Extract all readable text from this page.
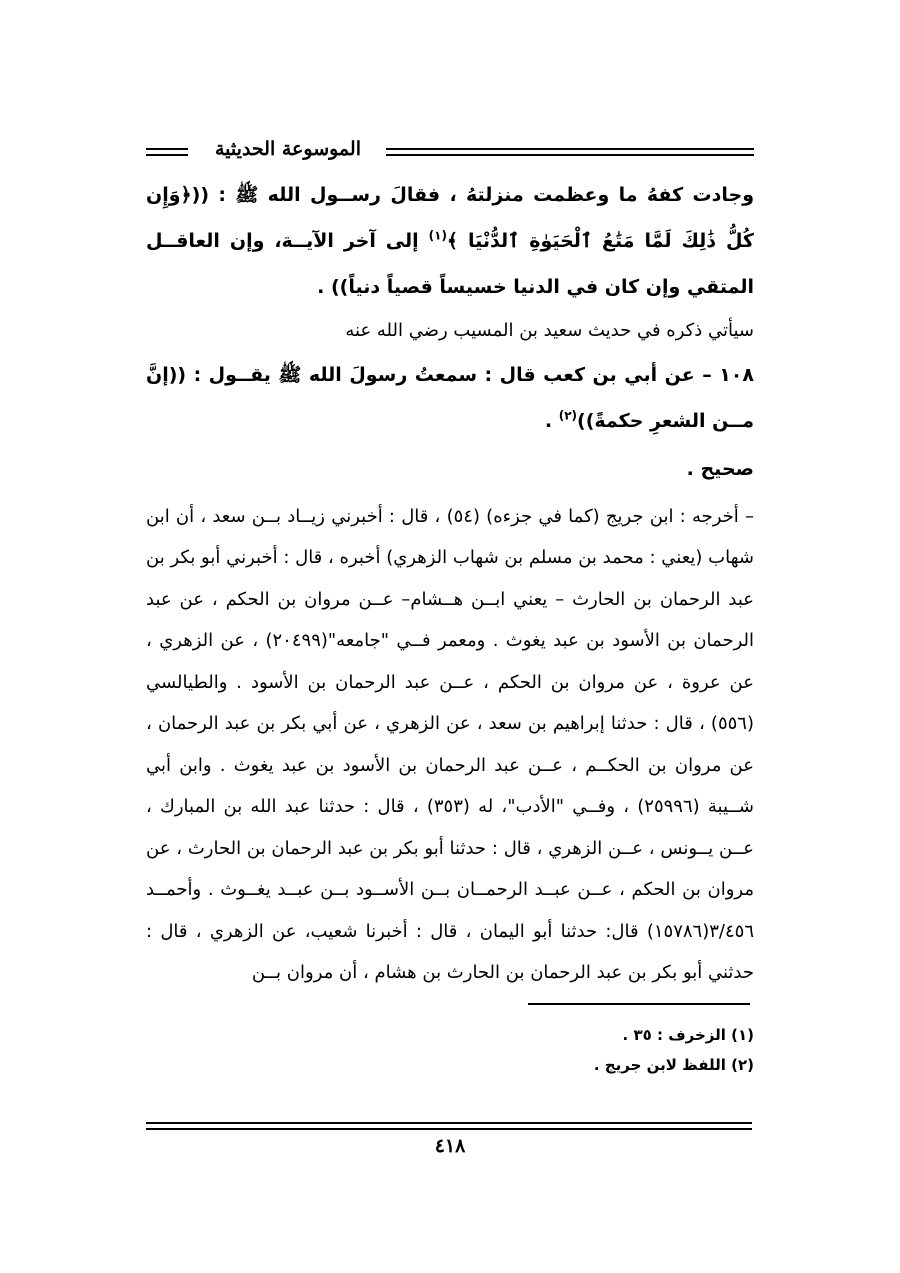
الموسوعة الحديثية

وجادت كفهُ ما وعظمت منزلتهُ ، فقالَ رســول الله ﷺ : ((﴿وَإِن كُلُّ ذَٰلِكَ لَمَّا مَتَٰعُ ٱلْحَيَوٰةِ ٱلدُّنْيَا ﴾$^{(١)}$ إلى آخر الآيــة، وإن العاقــل المتقي وإن كان في الدنيا خسيساً قصياً دنياً)) .

سيأتي ذكره في حديث سعيد بن المسيب رضي الله عنه

١٠٨ – عن أبي بن كعب قال : سمعتُ رسولَ الله ﷺ يقــول : ((إنَّ مــن الشعرِ حكمةً))$^{(٢)}$ .

صحيح .

– أخرجه : ابن جريج (كما في جزءه) (٥٤) ، قال : أخبرني زيــاد بــن سعد ، أن ابن شهاب (يعني : محمد بن مسلم بن شهاب الزهري) أخبره ، قال : أخبرني أبو بكر بن عبد الرحمان بن الحارث – يعني ابــن هــشام– عــن مروان بن الحكم ، عن عبد الرحمان بن الأسود بن عبد يغوث . ومعمر فــي "جامعه"(٢٠٤٩٩) ، عن الزهري ، عن عروة ، عن مروان بن الحكم ، عــن عبد الرحمان بن الأسود . والطيالسي (٥٥٦) ، قال : حدثنا إبراهيم بن سعد ، عن الزهري ، عن أبي بكر بن عبد الرحمان ، عن مروان بن الحكــم ، عــن عبد الرحمان بن الأسود بن عبد يغوث . وابن أبي شــيبة (٢٥٩٩٦) ، وفــي "الأدب"، له (٣٥٣) ، قال : حدثنا عبد الله بن المبارك ، عــن يــونس ، عــن الزهري ، قال : حدثنا أبو بكر بن عبد الرحمان بن الحارث ، عن مروان بن الحكم ، عــن عبــد الرحمــان بــن الأســود بــن عبــد يغــوث . وأحمــد ٣/٤٥٦(١٥٧٨٦) قال: حدثنا أبو اليمان ، قال : أخبرنا شعيب، عن الزهري ، قال : حدثني أبو بكر بن عبد الرحمان بن الحارث بن هشام ، أن مروان بــن

(١) الزخرف : ٣٥ .

(٢) اللفظ لابن جريج .

٤١٨
